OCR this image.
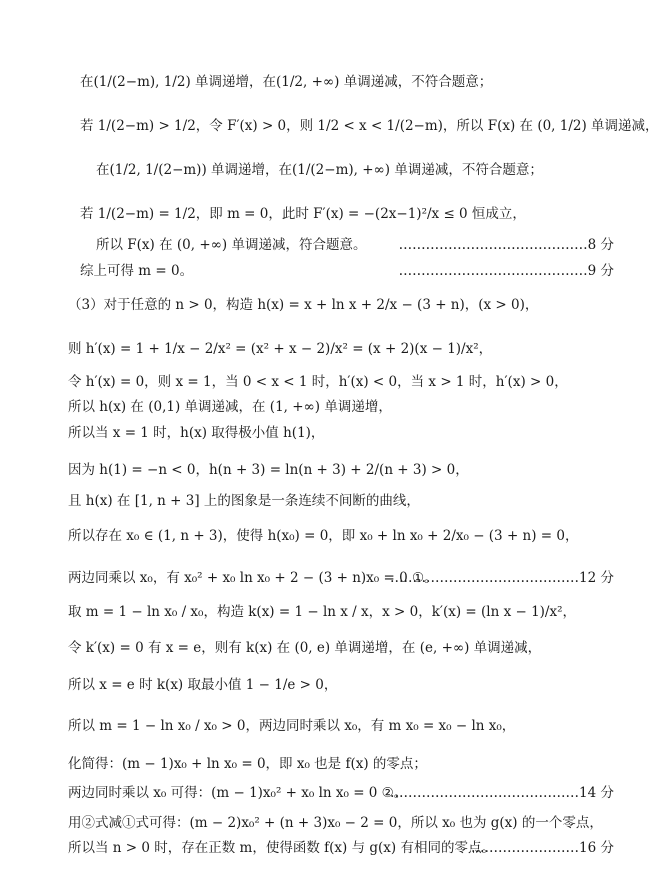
在(1/(2−m), 1/2) 单调递增，在(1/2, +∞) 单调递减，不符合题意；
若 1/(2−m) > 1/2，令 F′(x) > 0，则 1/2 < x < 1/(2−m)，所以 F(x) 在 (0, 1/2) 单调递减，
在(1/2, 1/(2−m)) 单调递增，在(1/(2−m), +∞) 单调递减，不符合题意；
若 1/(2−m) = 1/2，即 m = 0，此时 F′(x) = −(2x−1)²/x ≤ 0 恒成立，
所以 F(x) 在 (0, +∞) 单调递减，符合题意。 ……………………………………8 分
综上可得 m = 0。	……………………………………9 分
（3）对于任意的 n > 0，构造 h(x) = x + ln x + 2/x − (3 + n)，(x > 0)，
则 h′(x) = 1 + 1/x − 2/x² = (x² + x − 2)/x² = (x + 2)(x − 1)/x²，
令 h′(x) = 0，则 x = 1，当 0 < x < 1 时，h′(x) < 0，当 x > 1 时，h′(x) > 0，
所以 h(x) 在 (0,1) 单调递减，在 (1, +∞) 单调递增，
所以当 x = 1 时，h(x) 取得极小值 h(1)，
因为 h(1) = −n < 0，h(n + 3) = ln(n + 3) + 2/(n + 3) > 0，
且 h(x) 在 [1, n + 3] 上的图象是一条连续不间断的曲线，
所以存在 x₀ ∈ (1, n + 3)，使得 h(x₀) = 0，即 x₀ + ln x₀ + 2/x₀ − (3 + n) = 0，
两边同乘以 x₀，有 x₀² + x₀ ln x₀ + 2 − (3 + n)x₀ = 0 ①。
……………………………………12 分
取 m = 1 − ln x₀ / x₀，构造 k(x) = 1 − ln x / x，x > 0，k′(x) = (ln x − 1)/x²，
令 k′(x) = 0 有 x = e，则有 k(x) 在 (0, e) 单调递增，在 (e, +∞) 单调递减，
所以 x = e 时 k(x) 取最小值 1 − 1/e > 0，
所以 m = 1 − ln x₀ / x₀ > 0，两边同时乘以 x₀，有 m x₀ = x₀ − ln x₀，
化简得：(m − 1)x₀ + ln x₀ = 0，即 x₀ 也是 f(x) 的零点；
两边同时乘以 x₀ 可得：(m − 1)x₀² + x₀ ln x₀ = 0 ②。
……………………………………14 分
用②式减①式可得：(m − 2)x₀² + (n + 3)x₀ − 2 = 0，所以 x₀ 也为 g(x) 的一个零点，
所以当 n > 0 时，存在正数 m，使得函数 f(x) 与 g(x) 有相同的零点。
……………………16 分
